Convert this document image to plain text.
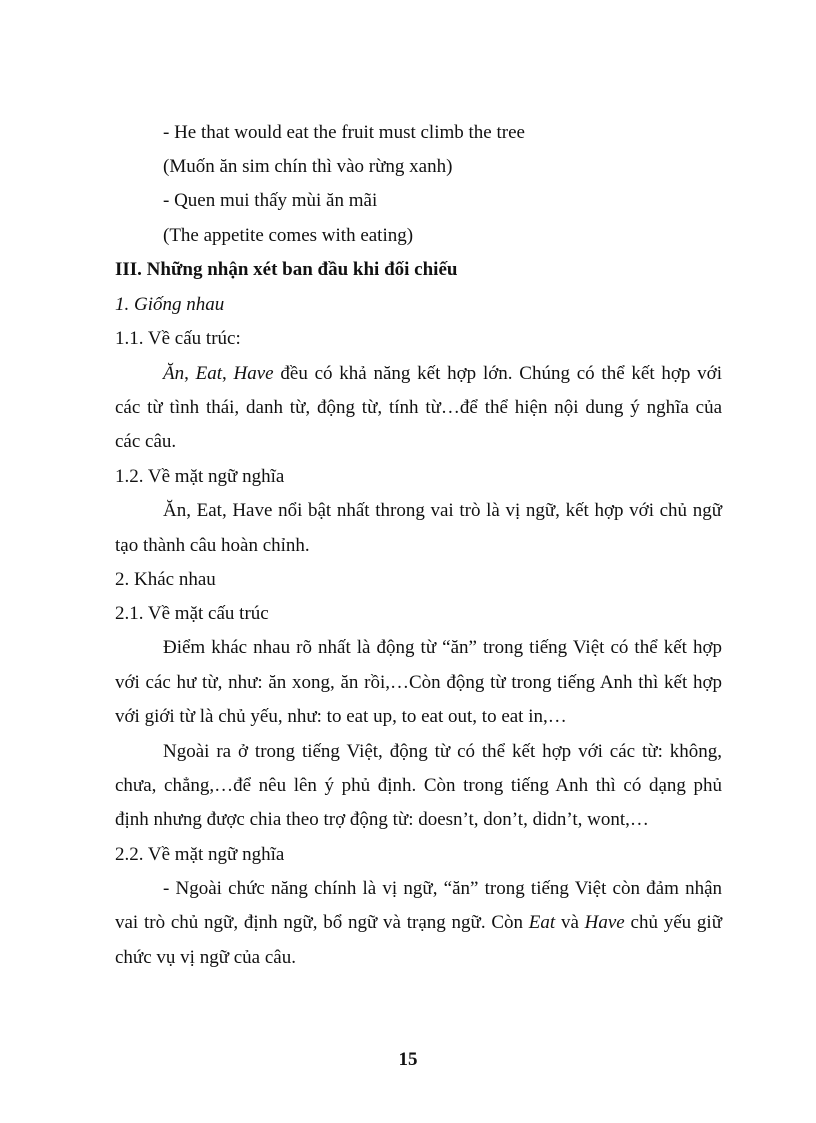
- He that would eat the fruit must climb the tree
(Muốn ăn sim chín thì vào rừng xanh)
- Quen mui thấy mùi ăn mãi
(The appetite comes with eating)
III. Những nhận xét ban đầu khi đối chiếu
1. Giống nhau
1.1. Về cấu trúc:
Ăn, Eat, Have đều có khả năng kết hợp lớn. Chúng có thể kết hợp với
các từ tình thái, danh từ, động từ, tính từ…để thể hiện nội dung ý nghĩa của
các câu.
1.2. Về mặt ngữ nghĩa
Ăn, Eat, Have nổi bật nhất throng vai trò là vị ngữ, kết hợp với chủ ngữ
tạo thành câu hoàn chỉnh.
2. Khác nhau
2.1. Về mặt cấu trúc
Điểm khác nhau rõ nhất là động từ “ăn” trong tiếng Việt có thể kết hợp
với các hư từ, như: ăn xong, ăn rồi,…Còn động từ trong tiếng Anh thì kết hợp
với giới từ là chủ yếu, như: to eat up, to eat out, to eat in,…
Ngoài ra ở trong tiếng Việt, động từ có thể kết hợp với các từ: không,
chưa, chẳng,…để nêu lên ý phủ định. Còn trong tiếng Anh thì có dạng phủ
định nhưng được chia theo trợ động từ: doesn’t, don’t, didn’t, wont,…
2.2. Về mặt ngữ nghĩa
- Ngoài chức năng chính là vị ngữ, “ăn” trong tiếng Việt còn đảm nhận
vai trò chủ ngữ, định ngữ, bổ ngữ và trạng ngữ. Còn Eat và Have chủ yếu giữ
chức vụ vị ngữ của câu.
15
